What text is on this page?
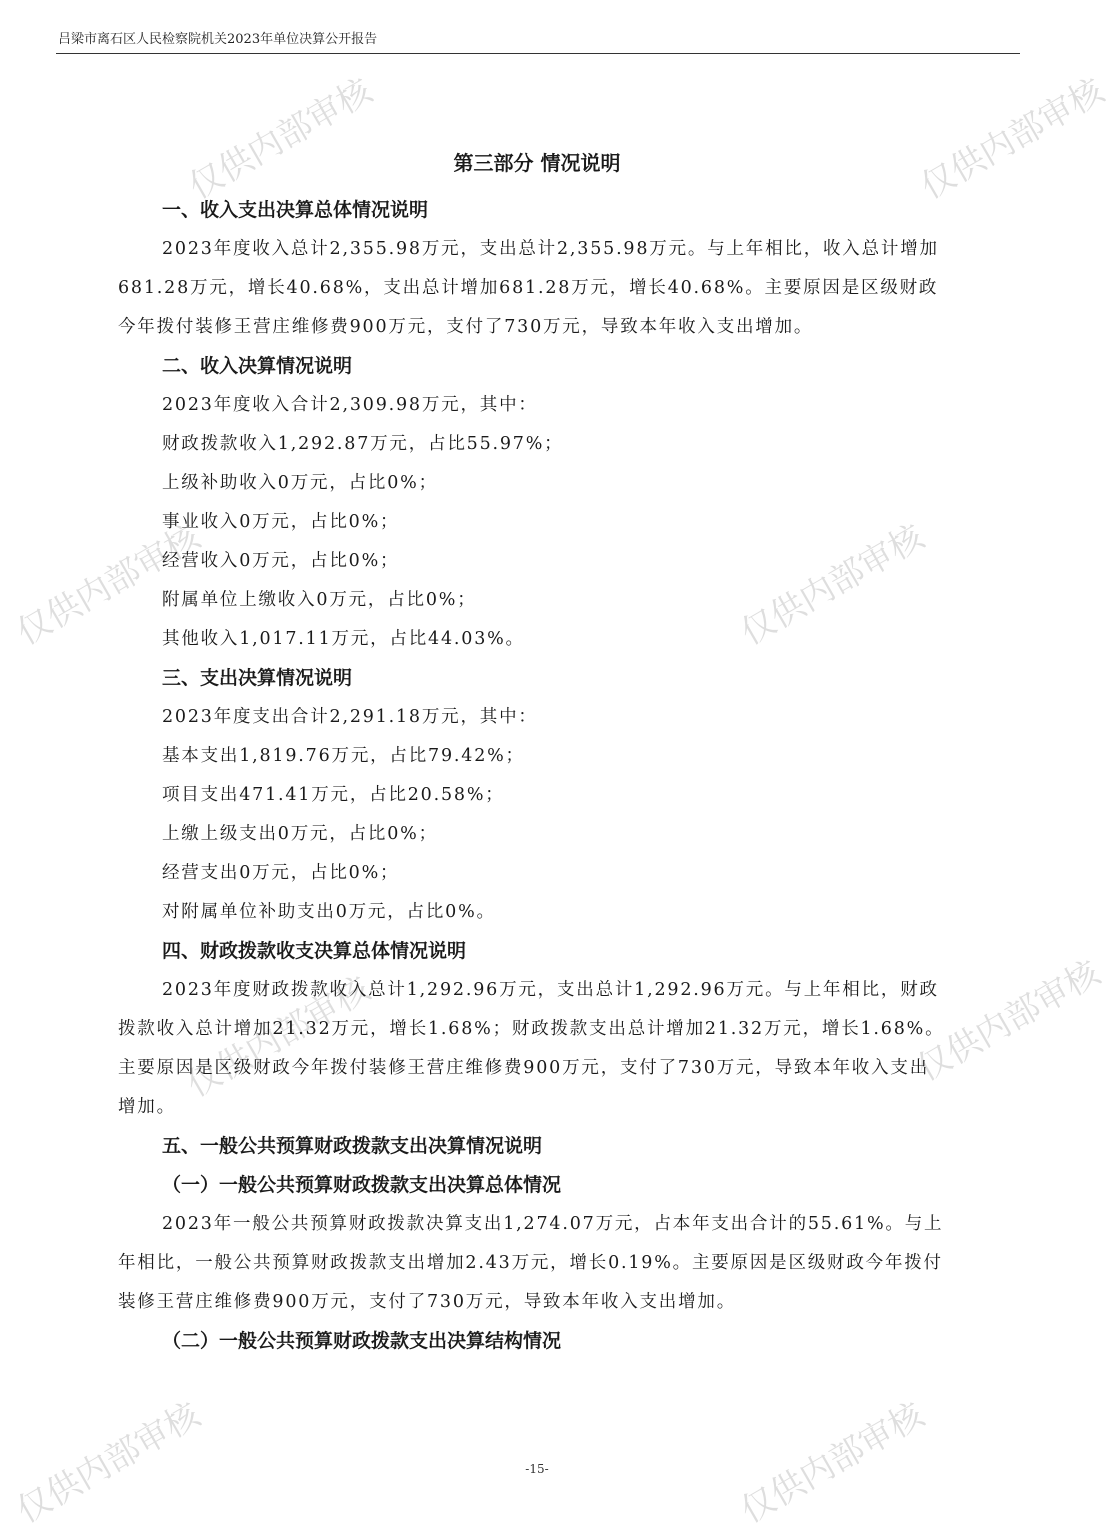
吕梁市离石区人民检察院机关2023年单位决算公开报告
第三部分 情况说明
一、收入支出决算总体情况说明

2023年度收入总计2,355.98万元，支出总计2,355.98万元。与上年相比，收入总计增加681.28万元，增长40.68%，支出总计增加681.28万元，增长40.68%。主要原因是区级财政今年拨付装修王营庄维修费900万元，支付了730万元，导致本年收入支出增加。

二、收入决算情况说明
2023年度收入合计2,309.98万元，其中：
财政拨款收入1,292.87万元，占比55.97%；
上级补助收入0万元，占比0%；
事业收入0万元，占比0%；
经营收入0万元，占比0%；
附属单位上缴收入0万元，占比0%；
其他收入1,017.11万元，占比44.03%。
三、支出决算情况说明
2023年度支出合计2,291.18万元，其中：
基本支出1,819.76万元，占比79.42%；
项目支出471.41万元，占比20.58%；
上缴上级支出0万元，占比0%；
经营支出0万元，占比0%；
对附属单位补助支出0万元，占比0%。
四、财政拨款收支决算总体情况说明

2023年度财政拨款收入总计1,292.96万元，支出总计1,292.96万元。与上年相比，财政拨款收入总计增加21.32万元，增长1.68%；财政拨款支出总计增加21.32万元，增长1.68%。主要原因是区级财政今年拨付装修王营庄维修费900万元，支付了730万元，导致本年收入支出增加。

五、一般公共预算财政拨款支出决算情况说明
（一）一般公共预算财政拨款支出决算总体情况

2023年一般公共预算财政拨款决算支出1,274.07万元，占本年支出合计的55.61%。与上年相比，一般公共预算财政拨款支出增加2.43万元，增长0.19%。主要原因是区级财政今年拨付装修王营庄维修费900万元，支付了730万元，导致本年收入支出增加。

（二）一般公共预算财政拨款支出决算结构情况
-15-
仅供内部审核	仅供内部审核
仅供内部审核	仅供内部审核
仅供内部审核	仅供内部审核
仅供内部审核	仅供内部审核
